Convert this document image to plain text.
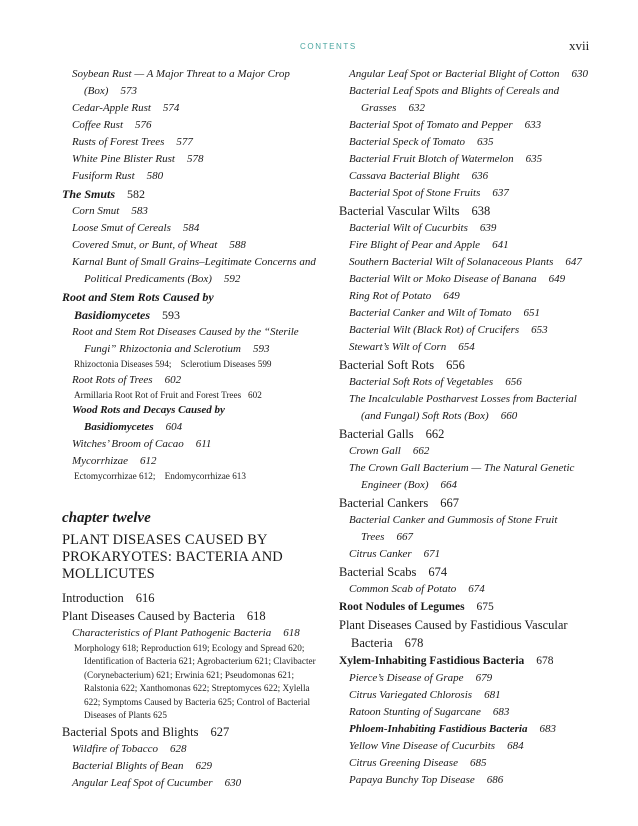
CONTENTS	xvii
Soybean Rust — A Major Threat to a Major Crop (Box) 573
Cedar-Apple Rust 574
Coffee Rust 576
Rusts of Forest Trees 577
White Pine Blister Rust 578
Fusiform Rust 580
The Smuts 582
Corn Smut 583
Loose Smut of Cereals 584
Covered Smut, or Bunt, of Wheat 588
Karnal Bunt of Small Grains–Legitimate Concerns and Political Predicaments (Box) 592
Root and Stem Rots Caused by Basidiomycetes 593
Root and Stem Rot Diseases Caused by the “Sterile Fungi” Rhizoctonia and Sclerotium 593
Rhizoctonia Diseases 594; Sclerotium Diseases 599
Root Rots of Trees 602
Armillaria Root Rot of Fruit and Forest Trees 602
Wood Rots and Decays Caused by Basidiomycetes 604
Witches’ Broom of Cacao 611
Mycorrhizae 612
Ectomycorrhizae 612; Endomycorrhizae 613
chapter twelve
PLANT DISEASES CAUSED BY PROKARYOTES: BACTERIA AND MOLLICUTES
Introduction 616
Plant Diseases Caused by Bacteria 618
Characteristics of Plant Pathogenic Bacteria 618
Morphology 618; Reproduction 619; Ecology and Spread 620; Identification of Bacteria 621; Agrobacterium 621; Clavibacter (Corynebacterium) 621; Erwinia 621; Pseudomonas 621; Ralstonia 622; Xanthomonas 622; Streptomyces 622; Xylella 622; Symptoms Caused by Bacteria 625; Control of Bacterial Diseases of Plants 625
Bacterial Spots and Blights 627
Wildfire of Tobacco 628
Bacterial Blights of Bean 629
Angular Leaf Spot of Cucumber 630
Angular Leaf Spot or Bacterial Blight of Cotton 630
Bacterial Leaf Spots and Blights of Cereals and Grasses 632
Bacterial Spot of Tomato and Pepper 633
Bacterial Speck of Tomato 635
Bacterial Fruit Blotch of Watermelon 635
Cassava Bacterial Blight 636
Bacterial Spot of Stone Fruits 637
Bacterial Vascular Wilts 638
Bacterial Wilt of Cucurbits 639
Fire Blight of Pear and Apple 641
Southern Bacterial Wilt of Solanaceous Plants 647
Bacterial Wilt or Moko Disease of Banana 649
Ring Rot of Potato 649
Bacterial Canker and Wilt of Tomato 651
Bacterial Wilt (Black Rot) of Crucifers 653
Stewart’s Wilt of Corn 654
Bacterial Soft Rots 656
Bacterial Soft Rots of Vegetables 656
The Incalculable Postharvest Losses from Bacterial (and Fungal) Soft Rots (Box) 660
Bacterial Galls 662
Crown Gall 662
The Crown Gall Bacterium — The Natural Genetic Engineer (Box) 664
Bacterial Cankers 667
Bacterial Canker and Gummosis of Stone Fruit Trees 667
Citrus Canker 671
Bacterial Scabs 674
Common Scab of Potato 674
Root Nodules of Legumes 675
Plant Diseases Caused by Fastidious Vascular Bacteria 678
Xylem-Inhabiting Fastidious Bacteria 678
Pierce’s Disease of Grape 679
Citrus Variegated Chlorosis 681
Ratoon Stunting of Sugarcane 683
Phloem-Inhabiting Fastidious Bacteria 683
Yellow Vine Disease of Cucurbits 684
Citrus Greening Disease 685
Papaya Bunchy Top Disease 686
